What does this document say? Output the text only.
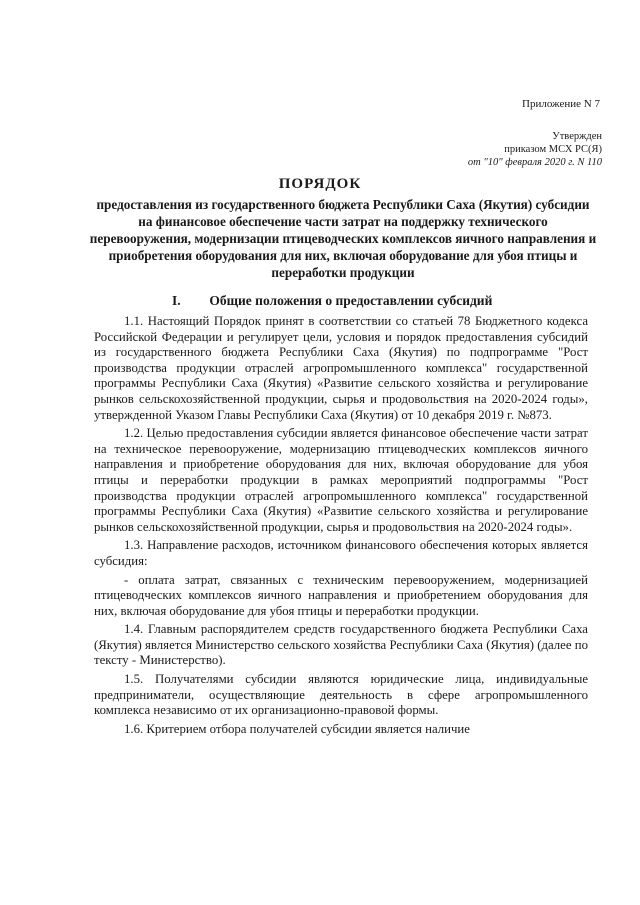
Приложение N 7
Утвержден
приказом МСХ РС(Я)
от "10" февраля 2020 г. N 110
ПОРЯДОК
предоставления из государственного бюджета Республики Саха (Якутия) субсидии на финансовое обеспечение части затрат на поддержку технического перевооружения, модернизации птицеводческих комплексов яичного направления и приобретения оборудования для них, включая оборудование для убоя птицы и переработки продукции
I. Общие положения о предоставлении субсидий

1.1. Настоящий Порядок принят в соответствии со статьей 78 Бюджетного кодекса Российской Федерации и регулирует цели, условия и порядок предоставления субсидий из государственного бюджета Республики Саха (Якутия) по подпрограмме "Рост производства продукции отраслей агропромышленного комплекса" государственной программы Республики Саха (Якутия) «Развитие сельского хозяйства и регулирование рынков сельскохозяйственной продукции, сырья и продовольствия на 2020-2024 годы», утвержденной Указом Главы Республики Саха (Якутия) от 10 декабря 2019 г. №873.

1.2. Целью предоставления субсидии является финансовое обеспечение части затрат на техническое перевооружение, модернизацию птицеводческих комплексов яичного направления и приобретение оборудования для них, включая оборудование для убоя птицы и переработки продукции в рамках мероприятий подпрограммы "Рост производства продукции отраслей агропромышленного комплекса" государственной программы Республики Саха (Якутия) «Развитие сельского хозяйства и регулирование рынков сельскохозяйственной продукции, сырья и продовольствия на 2020-2024 годы».

1.3. Направление расходов, источником финансового обеспечения которых является субсидия:

- оплата затрат, связанных с техническим перевооружением, модернизацией птицеводческих комплексов яичного направления и приобретением оборудования для них, включая оборудование для убоя птицы и переработки продукции.

1.4. Главным распорядителем средств государственного бюджета Республики Саха (Якутия) является Министерство сельского хозяйства Республики Саха (Якутия) (далее по тексту - Министерство).

1.5. Получателями субсидии являются юридические лица, индивидуальные предприниматели, осуществляющие деятельность в сфере агропромышленного комплекса независимо от их организационно-правовой формы.

1.6. Критерием отбора получателей субсидии является наличие
